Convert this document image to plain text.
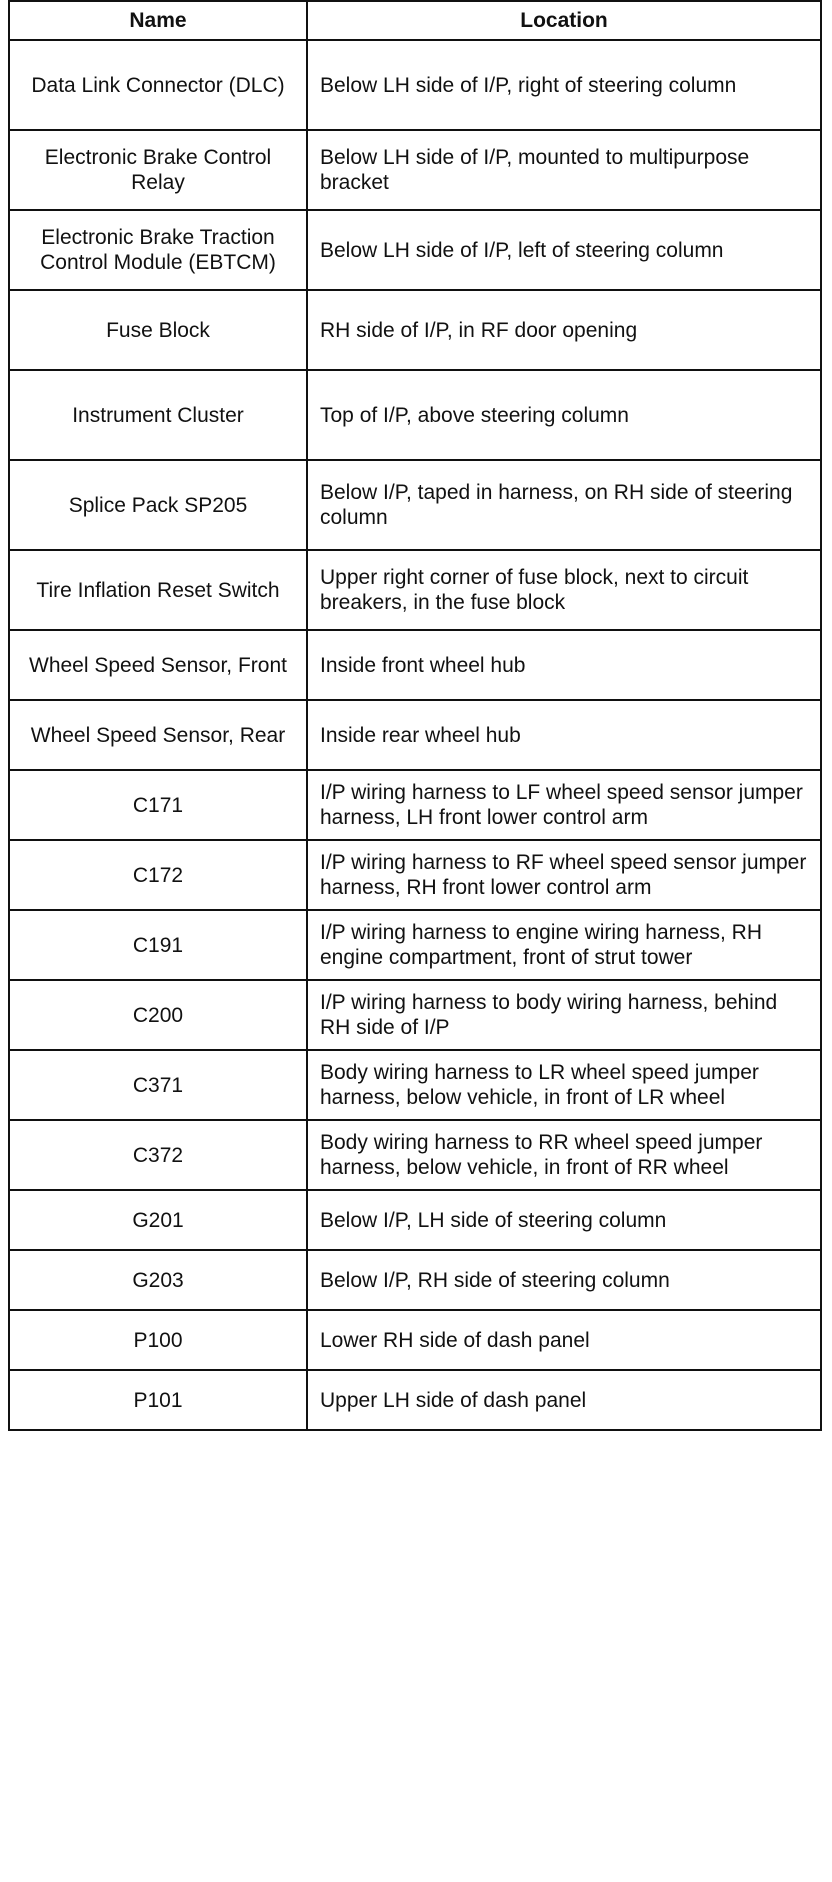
Name	Location
Data Link Connector (DLC)	Below LH side of I/P, right of steering column
Electronic Brake Control Relay	Below LH side of I/P, mounted to multipurpose bracket
Electronic Brake Traction Control Module (EBTCM)	Below LH side of I/P, left of steering column
Fuse Block	RH side of I/P, in RF door opening
Instrument Cluster	Top of I/P, above steering column
Splice Pack SP205	Below I/P, taped in harness, on RH side of steering column
Tire Inflation Reset Switch	Upper right corner of fuse block, next to circuit breakers, in the fuse block
Wheel Speed Sensor, Front	Inside front wheel hub
Wheel Speed Sensor, Rear	Inside rear wheel hub
C171	I/P wiring harness to LF wheel speed sensor jumper harness, LH front lower control arm
C172	I/P wiring harness to RF wheel speed sensor jumper harness, RH front lower control arm
C191	I/P wiring harness to engine wiring harness, RH engine compartment, front of strut tower
C200	I/P wiring harness to body wiring harness, behind RH side of I/P
C371	Body wiring harness to LR wheel speed jumper harness, below vehicle, in front of LR wheel
C372	Body wiring harness to RR wheel speed jumper harness, below vehicle, in front of RR wheel
G201	Below I/P, LH side of steering column
G203	Below I/P, RH side of steering column
P100	Lower RH side of dash panel
P101	Upper LH side of dash panel
